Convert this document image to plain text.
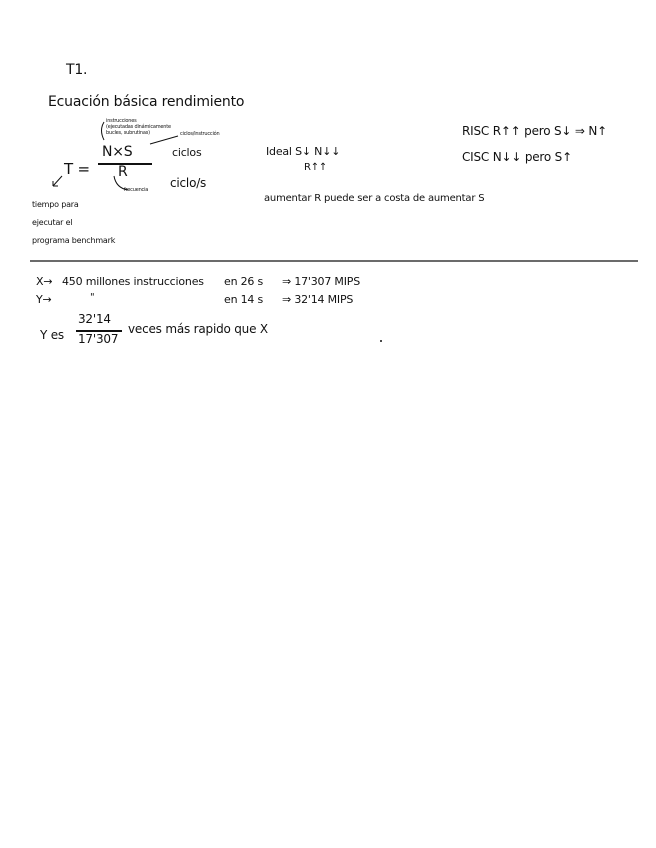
T1.
Ecuación básica rendimiento
instrucciones
(ejecutadas dinámicamente
bucles, subrutinas)	ciclos/instrucción
T =
N×S
R
ciclos
ciclo/s
frecuencia
tiempo para
ejecutar el
programa benchmark
Ideal S↓ N↓↓
R↑↑
RISC R↑↑ pero S↓ ⇒ N↑
CISC N↓↓ pero S↑
aumentar R puede ser a costa de aumentar S
X→ 450 millones instrucciones en 26 s ⇒ 17'307 MIPS
Y→	"	en 14 s ⇒ 32'14 MIPS
Y es
32'14
17'307
veces más rapido que X
